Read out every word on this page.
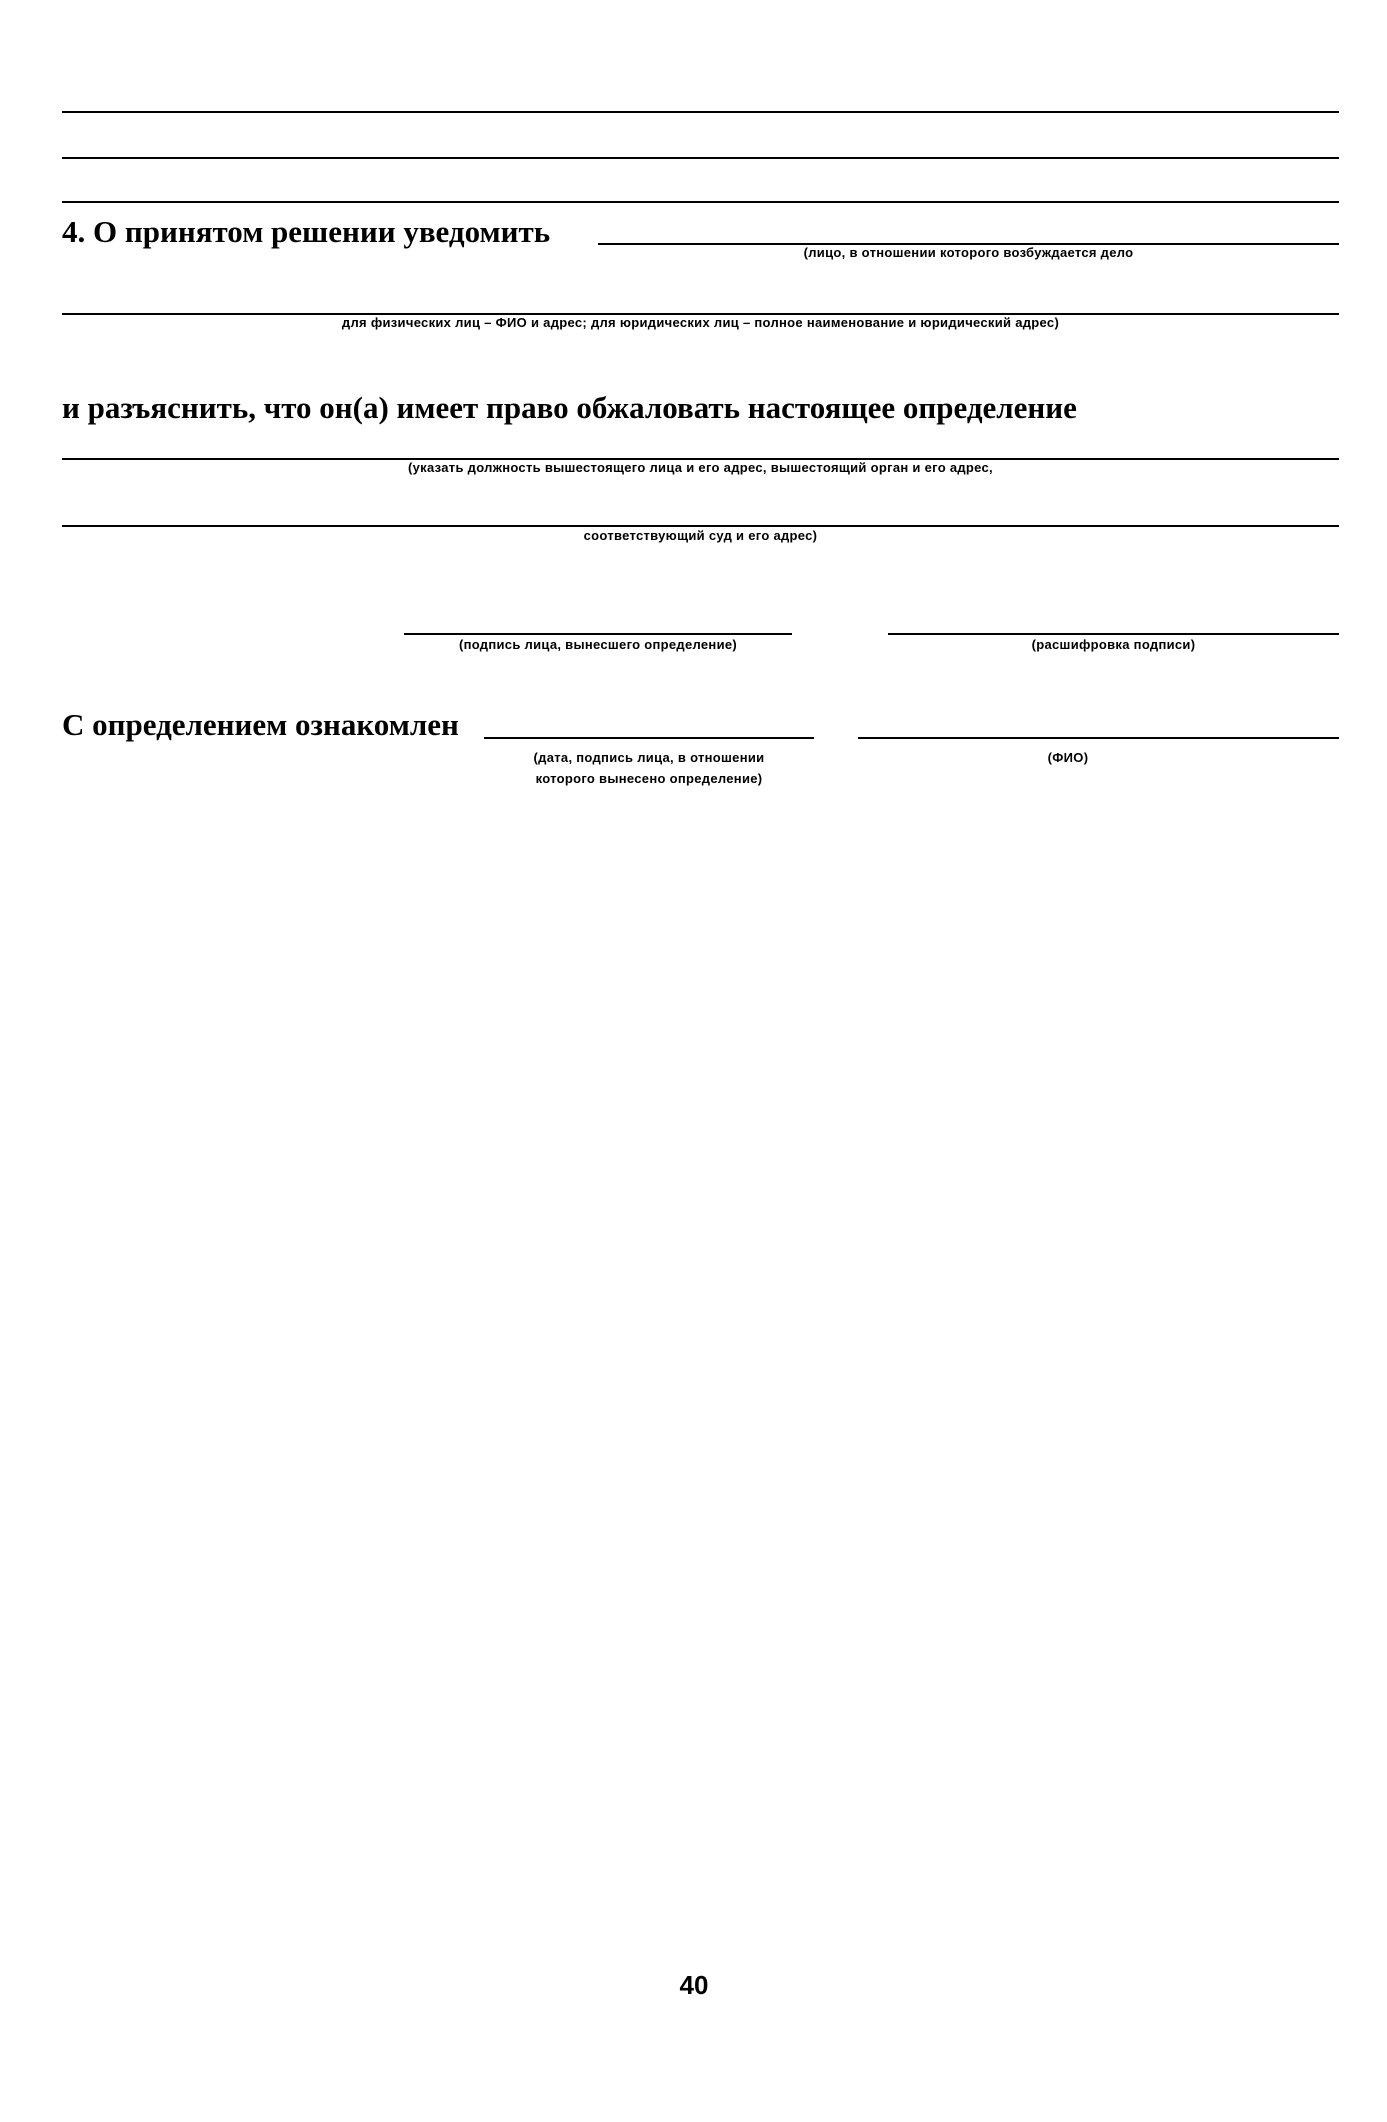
4. О принятом решении уведомить
(лицо, в отношении которого возбуждается дело
для физических лиц – ФИО и адрес; для юридических лиц – полное наименование и юридический адрес)
и разъяснить, что он(а) имеет право обжаловать настоящее определение
(указать должность вышестоящего лица и его адрес, вышестоящий орган и его адрес,
соответствующий суд и его адрес)
(подпись лица, вынесшего определение)	(расшифровка подписи)
С определением ознакомлен
(дата, подпись лица, в отношении
которого вынесено определение)
(ФИО)
40
